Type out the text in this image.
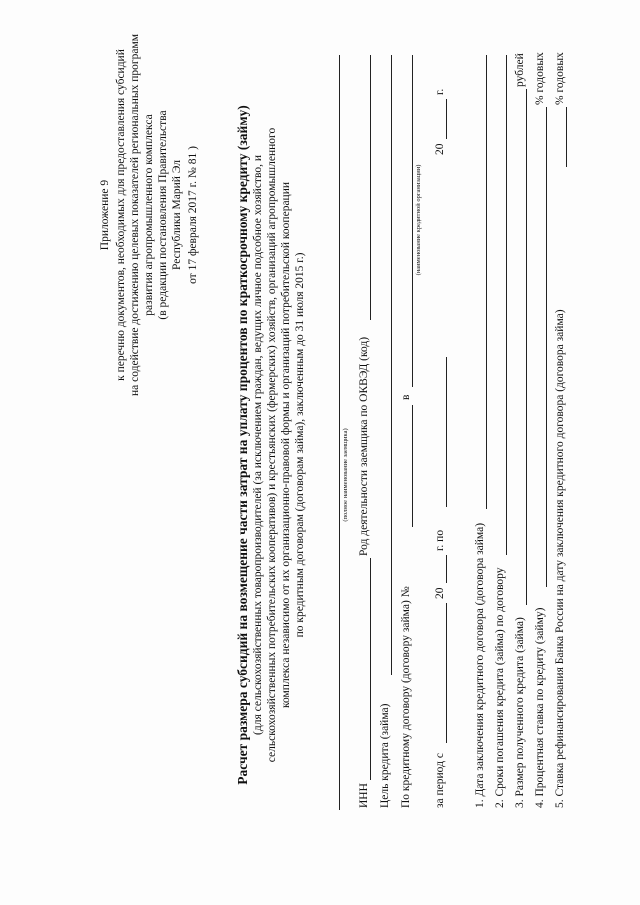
Приложение 9 к перечню документов, необходимых для предоставления субсидий на содействие достижению целевых показателей региональных программ развития агропромышленного комплекса (в редакции постановления Правительства Республики Марий Эл от 17 февраля 2017 г. № 81 )	Расчет размера субсидий на возмещение части затрат на уплату процентов по краткосрочному кредиту (займу) (для сельскохозяйственных товаропроизводителей (за исключением граждан, ведущих личное подсобное хозяйство, и сельскохозяйственных потребительских кооперативов) и крестьянских (фермерских) хозяйств, организаций агропромышленного комплекса независимо от их организационно-правовой формы и организаций потребительской кооперации по кредитным договорам (договорам займа), заключенным до 31 июля 2015 г.)	(полное наименование заемщика)
ИНН
Род деятельности заемщика по ОКВЭД (код)
Цель кредита (займа) По кредитному договору (договору займа) №
в
(наименование кредитной организации)
за период с
20
г. по
20
г.
1. Дата заключения кредитного договора (договора займа) 2. Сроки погашения кредита (займа) по договору 3. Размер полученного кредита (займа)
рублей
4. Процентная ставка по кредиту (займу)
% годовых
5. Ставка рефинансирования Банка России на дату заключения кредитного договора (договора займа)
% годовых
